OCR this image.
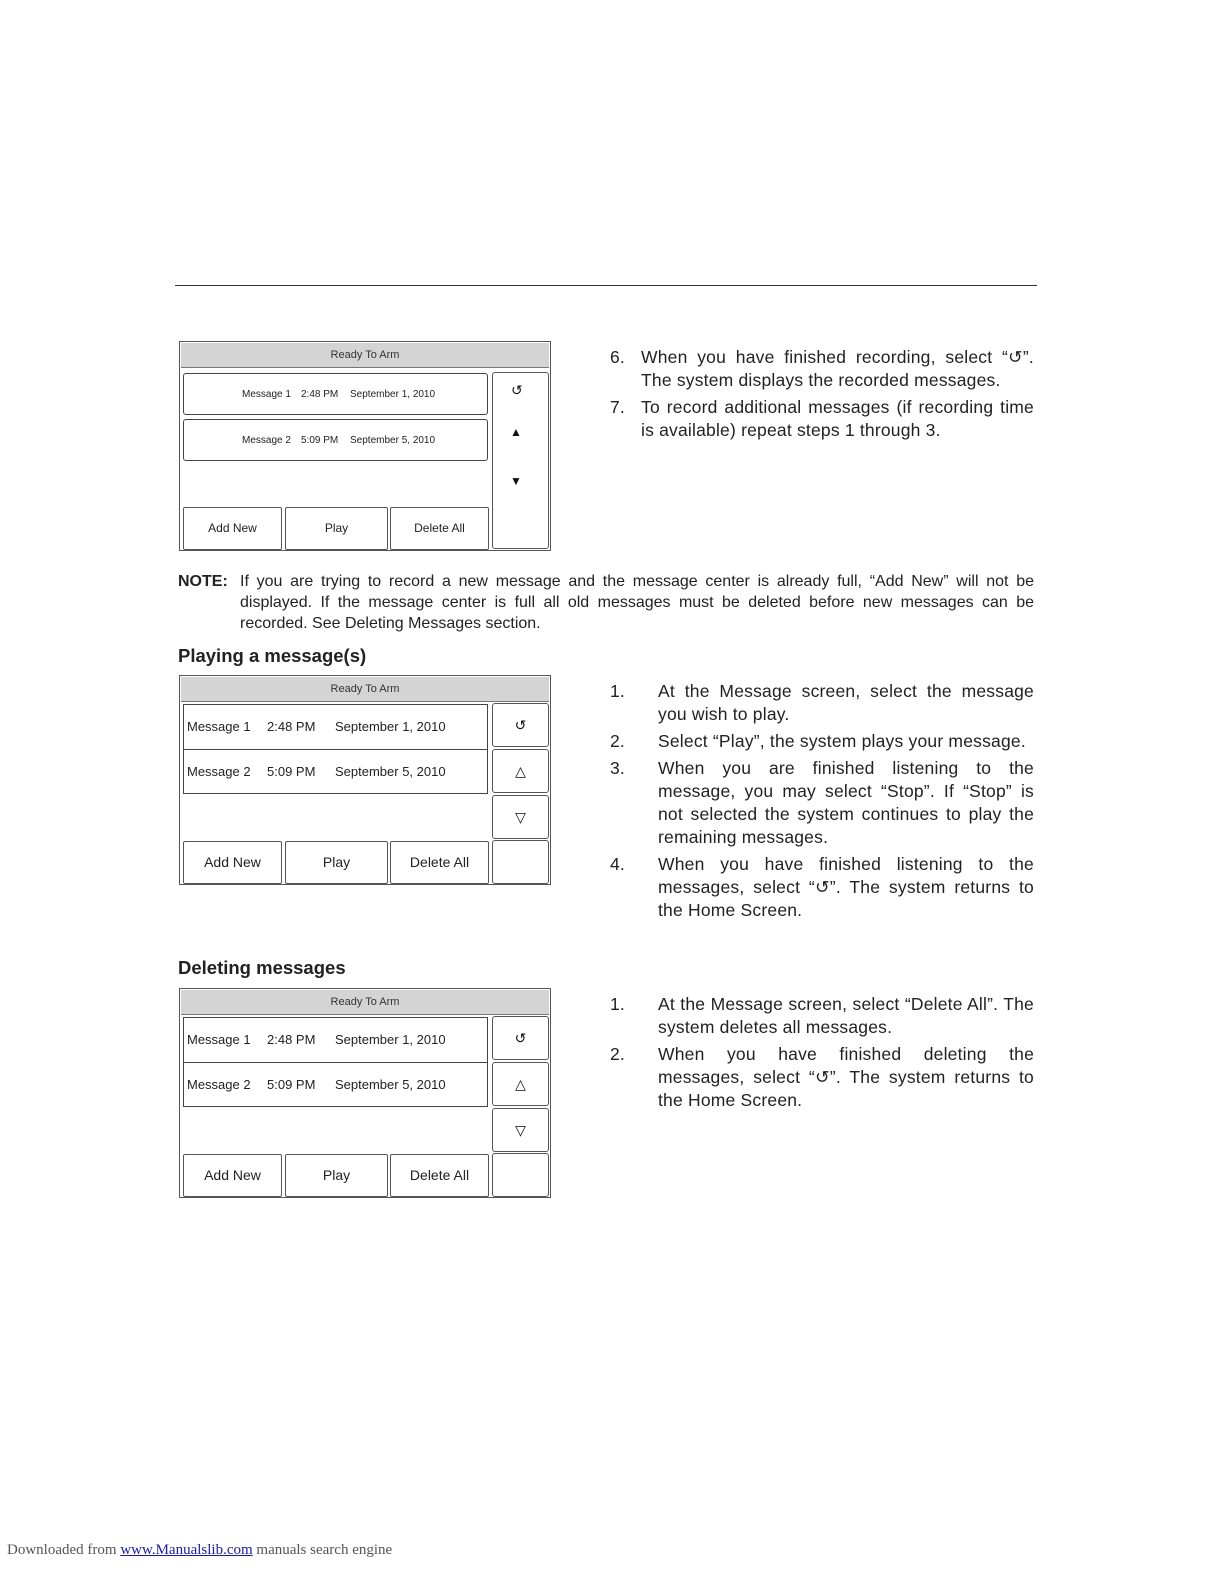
Ready To Arm
Message 1 2:48 PM September 1, 2010
Message 2 5:09 PM September 5, 2010
↺
▲
▼
Add New	Play	Delete All
6. When you have finished recording, select “↺”. The system displays the recorded messages.
7. To record additional messages (if recording time is available) repeat steps 1 through 3.
NOTE: If you are trying to record a new message and the message center is already full, “Add New” will not be displayed. If the message center is full all old messages must be deleted before new messages can be recorded. See Deleting Messages section.
Playing a message(s)
Ready To Arm
Message 1 2:48 PM September 1, 2010
Message 2 5:09 PM September 5, 2010
↺
△
▽
Add New	Play	Delete All
1. At the Message screen, select the message you wish to play.
2. Select “Play”, the system plays your message.
3. When you are finished listening to the message, you may select “Stop”. If “Stop” is not selected the system continues to play the remaining messages.
4. When you have finished listening to the messages, select “↺”. The system returns to the Home Screen.
Deleting messages
Ready To Arm
Message 1 2:48 PM September 1, 2010
Message 2 5:09 PM September 5, 2010
↺
△
▽
Add New	Play	Delete All
1. At the Message screen, select “Delete All”. The system deletes all messages.
2. When you have finished deleting the messages, select “↺”. The system returns to the Home Screen.
Downloaded from www.Manualslib.com manuals search engine
